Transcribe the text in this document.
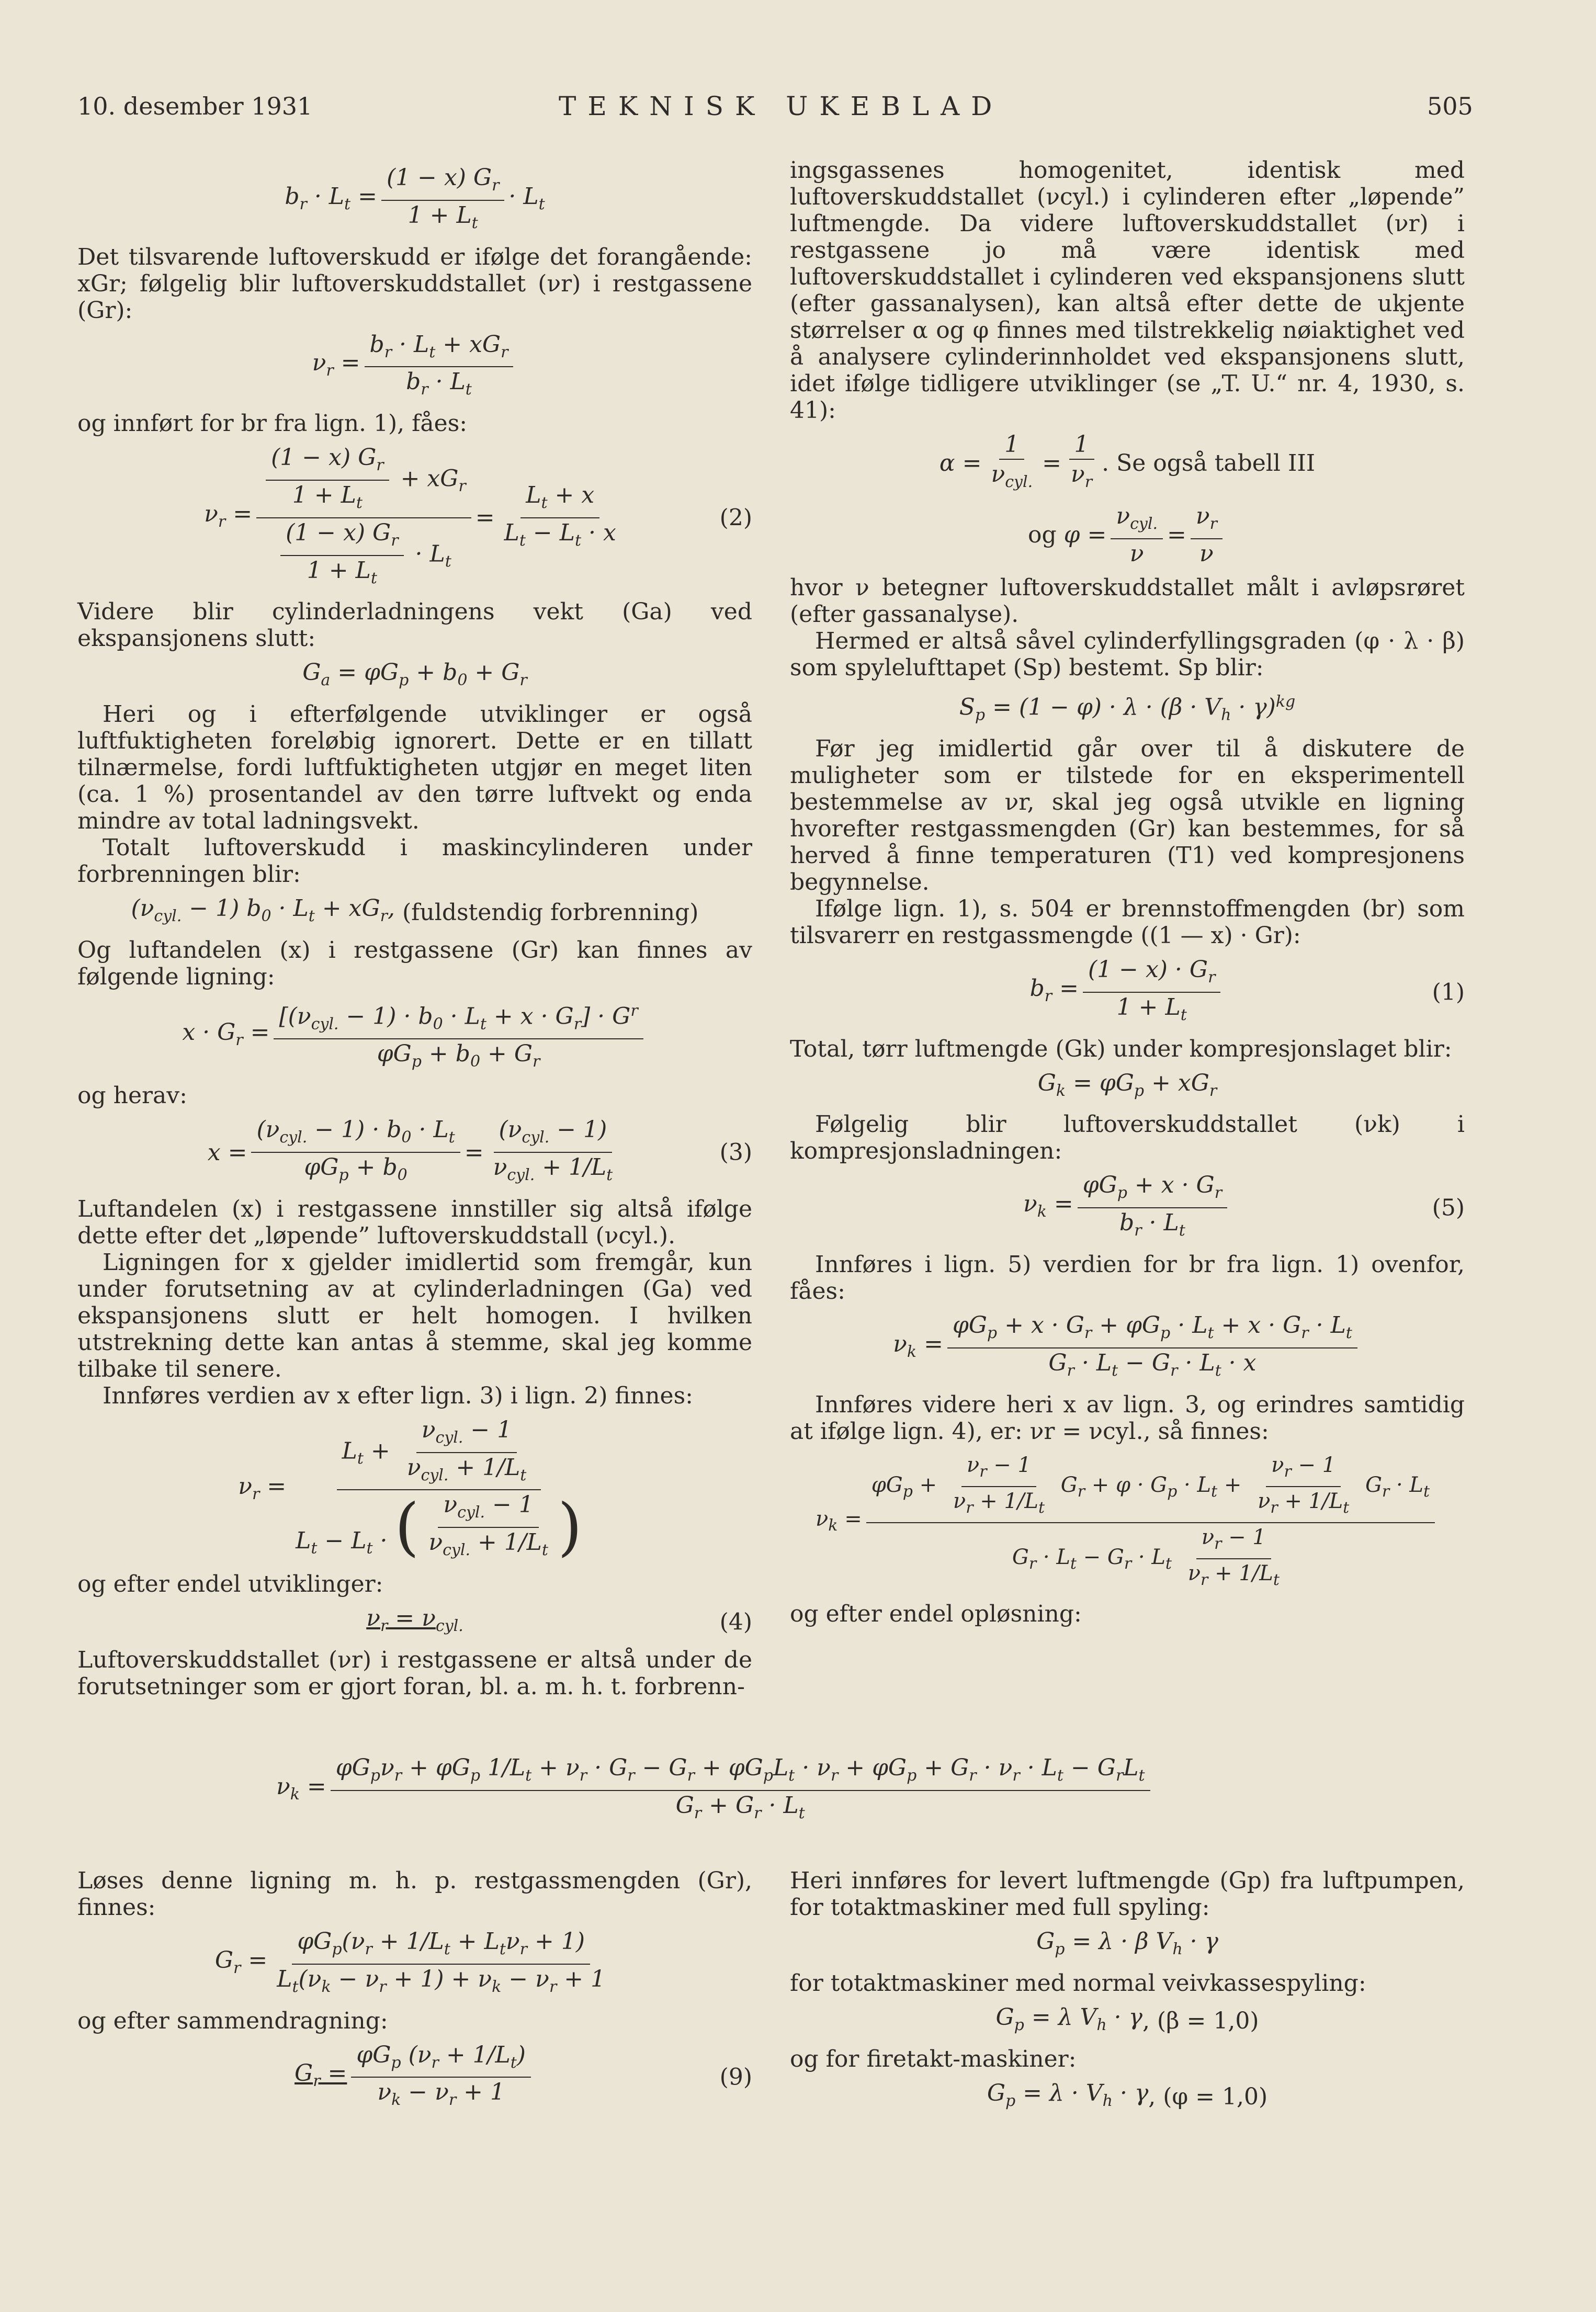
10. desember 1931	TEKNISK UKEBLAD	505
$b_r \cdot L_t = \frac{(1 - x) G_r}{1 + L_t} \cdot L_t$

Det tilsvarende luftoverskudd er ifølge det forangående: xGr; følgelig blir luftoverskuddstallet (νr) i restgassene (Gr):

$\nu_r = \frac{b_r \cdot L_t + xG_r}{b_r \cdot L_t}$

og innført for br fra lign. 1), fåes:

$\nu_r = \frac{\frac{(1 - x) G_r}{1 + L_t} + xG_r}{\frac{(1 - x) G_r}{1 + L_t} \cdot L_t} = \frac{L_t + x}{L_t - L_t \cdot x}$	(2)

Videre blir cylinderladningens vekt (Ga) ved ekspansjonens slutt:

$G_a = \varphi G_p + b_0 + G_r$

Heri og i efterfølgende utviklinger er også luftfuktigheten foreløbig ignorert. Dette er en tillatt tilnærmelse, fordi luftfuktigheten utgjør en meget liten (ca. 1 %) prosentandel av den tørre luftvekt og enda mindre av total ladningsvekt.

Totalt luftoverskudd i maskincylinderen under forbrenningen blir:

$(\nu_{cyl.} - 1) b_0 \cdot L_t + xG_r$, (fuldstendig forbrenning)

Og luftandelen (x) i restgassene (Gr) kan finnes av følgende ligning:

$x \cdot G_r = \frac{[(\nu_{cyl.} - 1) \cdot b_0 \cdot L_t + x \cdot G_r] \cdot G^r}{\varphi G_p + b_0 + G_r}$

og herav:

$x = \frac{(\nu_{cyl.} - 1) \cdot b_0 \cdot L_t}{\varphi G_p + b_0} = \frac{(\nu_{cyl.} - 1)}{\nu_{cyl.} + 1/L_t}$	(3)

Luftandelen (x) i restgassene innstiller sig altså ifølge dette efter det „løpende” luftoverskuddstall (νcyl.).

Ligningen for x gjelder imidlertid som fremgår, kun under forutsetning av at cylinderladningen (Ga) ved ekspansjonens slutt er helt homogen. I hvilken utstrekning dette kan antas å stemme, skal jeg komme tilbake til senere.

Innføres verdien av x efter lign. 3) i lign. 2) finnes:

$\nu_r = \frac{L_t + \frac{\nu_{cyl.} - 1}{\nu_{cyl.} + 1/L_t}}{L_t - L_t \cdot ( \frac{\nu_{cyl.} - 1}{\nu_{cyl.} + 1/L_t} )}$

og efter endel utviklinger:

$\nu_r = \nu_{cyl.}$	(4)

Luftoverskuddstallet (νr) i restgassene er altså under de forutsetninger som er gjort foran, bl. a. m. h. t. forbrenn-

ingsgassenes homogenitet, identisk med luftoverskuddstallet (νcyl.) i cylinderen efter „løpende” luftmengde. Da videre luftoverskuddstallet (νr) i restgassene jo må være identisk med luftoverskuddstallet i cylinderen ved ekspansjonens slutt (efter gassanalysen), kan altså efter dette de ukjente størrelser α og φ finnes med tilstrekkelig nøiaktighet ved å analysere cylinderinnholdet ved ekspansjonens slutt, idet ifølge tidligere utviklinger (se „T. U.“ nr. 4, 1930, s. 41):

$\alpha = \frac{1}{\nu_{cyl.}} = \frac{1}{\nu_r}$ . Se også tabell III
og $\varphi = \frac{\nu_{cyl.}}{\nu} = \frac{\nu_r}{\nu}$

hvor ν betegner luftoverskuddstallet målt i avløpsrøret (efter gassanalyse).

Hermed er altså såvel cylinderfyllingsgraden (φ · λ · β) som spylelufttapet (Sp) bestemt. Sp blir:

$S_p = (1 - \varphi) \cdot \lambda \cdot (\beta \cdot V_h \cdot \gamma)^{kg}$

Før jeg imidlertid går over til å diskutere de muligheter som er tilstede for en eksperimentell bestemmelse av νr, skal jeg også utvikle en ligning hvorefter restgassmengden (Gr) kan bestemmes, for så herved å finne temperaturen (T1) ved kompresjonens begynnelse.

Ifølge lign. 1), s. 504 er brennstoffmengden (br) som tilsvarerr en restgassmengde ((1 — x) · Gr):

$b_r = \frac{(1 - x) \cdot G_r}{1 + L_t}$	(1)

Total, tørr luftmengde (Gk) under kompresjonslaget blir:

$G_k = \varphi G_p + xG_r$

Følgelig blir luftoverskuddstallet (νk) i kompresjonsladningen:

$\nu_k = \frac{\varphi G_p + x \cdot G_r}{b_r \cdot L_t}$	(5)

Innføres i lign. 5) verdien for br fra lign. 1) ovenfor, fåes:

$\nu_k = \frac{\varphi G_p + x \cdot G_r + \varphi G_p \cdot L_t + x \cdot G_r \cdot L_t}{G_r \cdot L_t - G_r \cdot L_t \cdot x}$

Innføres videre heri x av lign. 3, og erindres samtidig at ifølge lign. 4), er: νr = νcyl., så finnes:

$\nu_k$ =
$\varphi G_p + \frac{\nu_r - 1}{\nu_r + 1/L_t} G_r + \varphi \cdot G_p \cdot L_t + \frac{\nu_r - 1}{\nu_r + 1/L_t} G_r \cdot L_t$
$G_r \cdot L_t - G_r \cdot L_t \frac{\nu_r - 1}{\nu_r + 1/L_t}$

og efter endel opløsning:

$\nu_k$ =
$\varphi G_p\nu_r + \varphi G_p$ $1/L_t + \nu_r \cdot G_r - G_r + \varphi G_pL_t \cdot \nu_r + \varphi G_p + G_r \cdot \nu_r \cdot L_t - G_rL_t$
$G_r + G_r \cdot L_t$

Løses denne ligning m. h. p. restgassmengden (Gr), finnes:

$G_r = \frac{\varphi G_p(\nu_r + 1/L_t + L_t\nu_r + 1)}{L_t(\nu_k - \nu_r + 1) + \nu_k - \nu_r + 1}$

og efter sammendragning:

$G_r = \frac{\varphi G_p (\nu_r + 1/L_t)}{\nu_k - \nu_r + 1}$	(9)

Heri innføres for levert luftmengde (Gp) fra luftpumpen, for totaktmaskiner med full spyling:

$G_p = \lambda \cdot \beta$ $V_h \cdot \gamma$

for totaktmaskiner med normal veivkassespyling:

$G_p = \lambda$ $V_h \cdot \gamma$ , (β = 1,0)

og for firetakt-maskiner:

$G_p = \lambda \cdot V_h \cdot \gamma$ , (φ = 1,0)
